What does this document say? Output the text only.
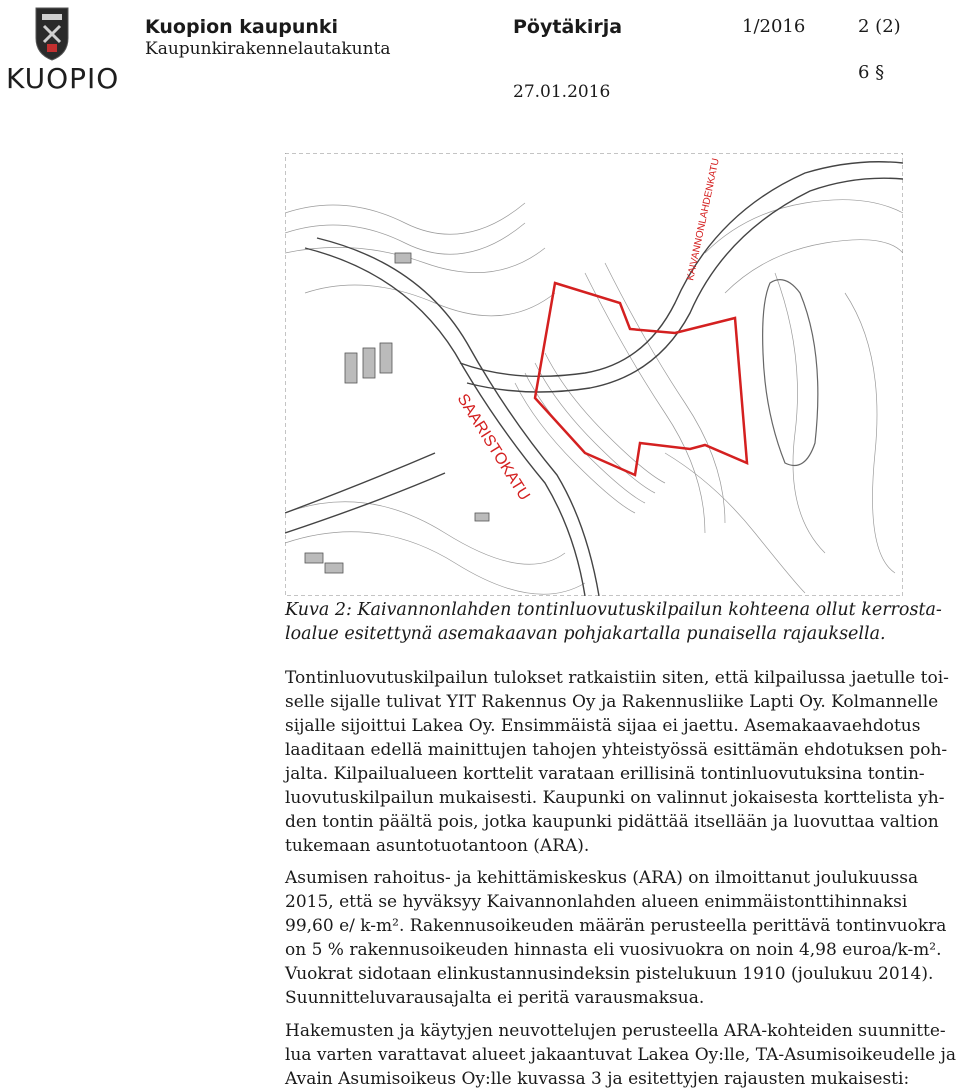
KUOPIO
Kuopion kaupunki
Kaupunkirakennelautakunta
Pöytäkirja	1/2016	2 (2)
6 §
27.01.2016
KAIVANNONLAHDENKATU
SAARISTOKATU
Kuva 2: Kaivannonlahden tontinluovutuskilpailun kohteena ollut kerrosta-
loalue esitettynä asemakaavan pohjakartalla punaisella rajauksella.
Tontinluovutuskilpailun tulokset ratkaistiin siten, että kilpailussa jaetulle toi-
selle sijalle tulivat YIT Rakennus Oy ja Rakennusliike Lapti Oy. Kolmannelle
sijalle sijoittui Lakea Oy. Ensimmäistä sijaa ei jaettu. Asemakaavaehdotus
laaditaan edellä mainittujen tahojen yhteistyössä esittämän ehdotuksen poh-
jalta. Kilpailualueen korttelit varataan erillisinä tontinluovutuksina tontin-
luovutuskilpailun mukaisesti. Kaupunki on valinnut jokaisesta korttelista yh-
den tontin päältä pois, jotka kaupunki pidättää itsellään ja luovuttaa valtion
tukemaan asuntotuotantoon (ARA).
Asumisen rahoitus- ja kehittämiskeskus (ARA) on ilmoittanut joulukuussa
2015, että se hyväksyy Kaivannonlahden alueen enimmäistonttihinnaksi
99,60 e/ k-m². Rakennusoikeuden määrän perusteella perittävä tontinvuokra
on 5 % rakennusoikeuden hinnasta eli vuosivuokra on noin 4,98 euroa/k-m².
Vuokrat sidotaan elinkustannusindeksin pistelukuun 1910 (joulukuu 2014).
Suunnitteluvarausajalta ei peritä varausmaksua.
Hakemusten ja käytyjen neuvottelujen perusteella ARA-kohteiden suunnitte-
lua varten varattavat alueet jakaantuvat Lakea Oy:lle, TA-Asumisoikeudelle ja
Avain Asumisoikeus Oy:lle kuvassa 3 ja esitettyjen rajausten mukaisesti:
